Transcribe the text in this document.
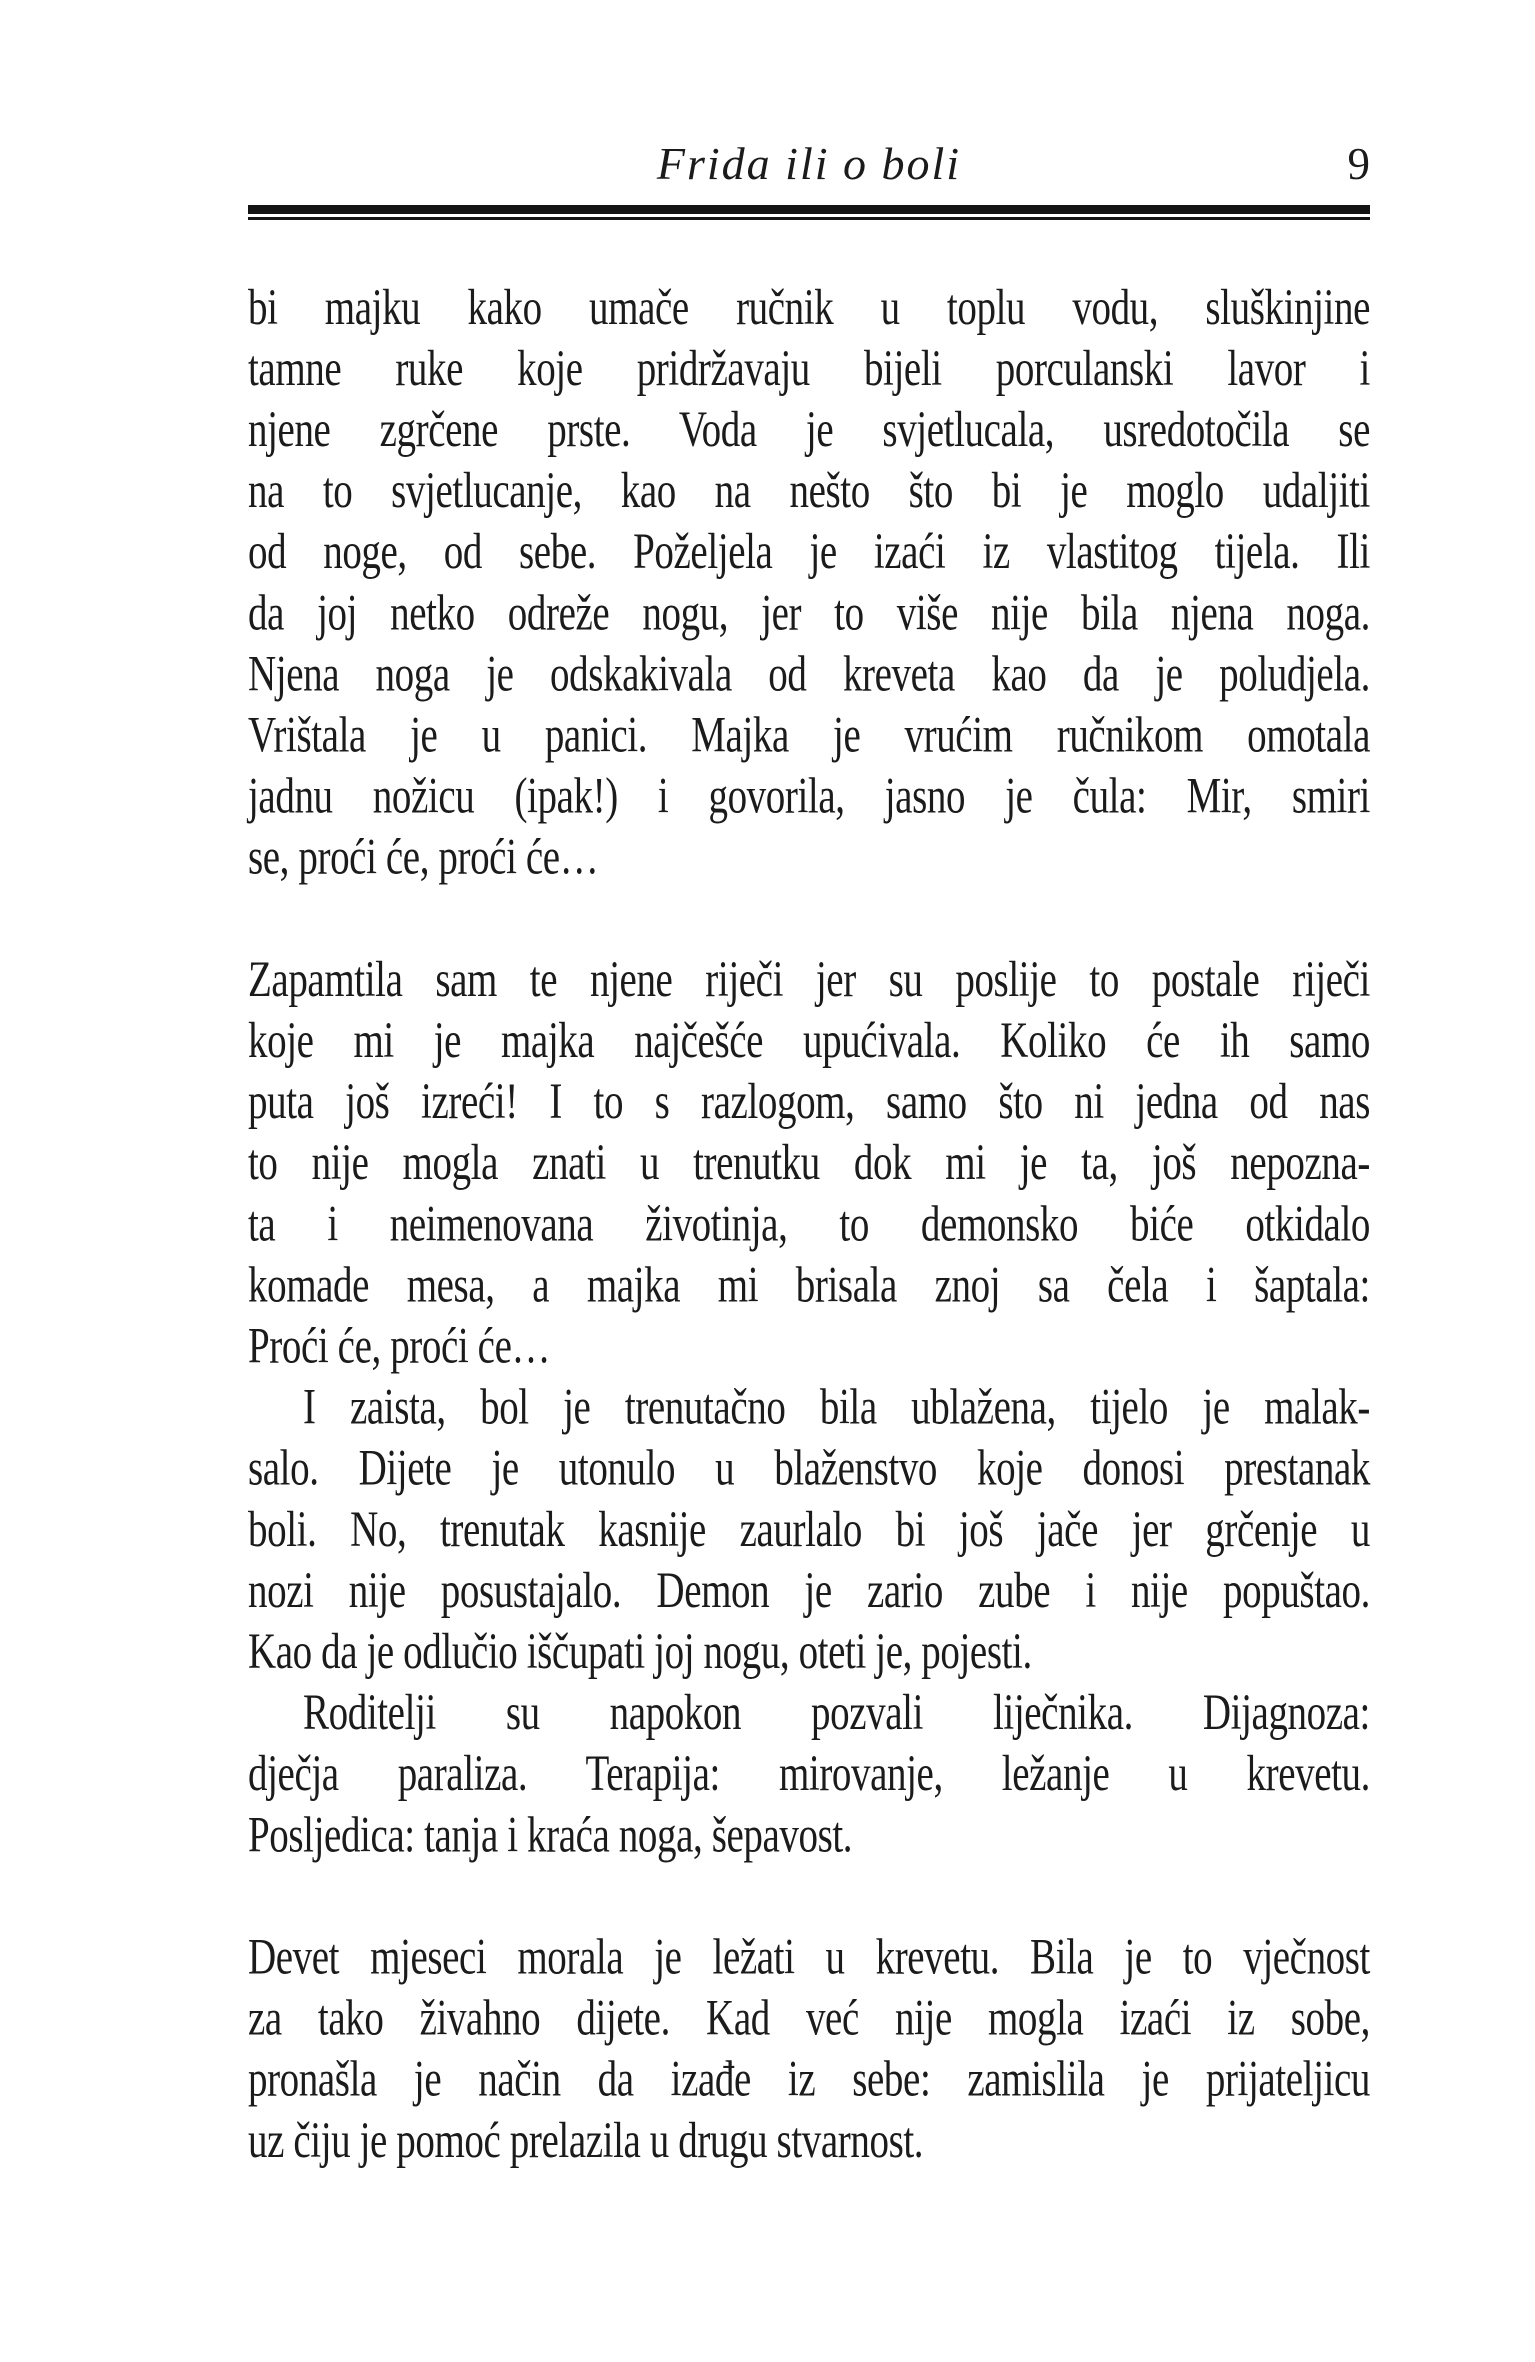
Frida ili o boli	9
bi majku kako umače ručnik u toplu vodu, sluškinjine
tamne ruke koje pridržavaju bijeli porculanski lavor i
njene zgrčene prste. Voda je svjetlucala, usredotočila se
na to svjetlucanje, kao na nešto što bi je moglo udaljiti
od noge, od sebe. Poželjela je izaći iz vlastitog tijela. Ili
da joj netko odreže nogu, jer to više nije bila njena noga.
Njena noga je odskakivala od kreveta kao da je poludjela.
Vrištala je u panici. Majka je vrućim ručnikom omotala
jadnu nožicu (ipak!) i govorila, jasno je čula: Mir, smiri
se, proći će, proći će…
Zapamtila sam te njene riječi jer su poslije to postale riječi
koje mi je majka najčešće upućivala. Koliko će ih samo
puta još izreći! I to s razlogom, samo što ni jedna od nas
to nije mogla znati u trenutku dok mi je ta, još nepozna-
ta i neimenovana životinja, to demonsko biće otkidalo
komade mesa, a majka mi brisala znoj sa čela i šaptala:
Proći će, proći će…
I zaista, bol je trenutačno bila ublažena, tijelo je malak-
salo. Dijete je utonulo u blaženstvo koje donosi prestanak
boli. No, trenutak kasnije zaurlalo bi još jače jer grčenje u
nozi nije posustajalo. Demon je zario zube i nije popuštao.
Kao da je odlučio iščupati joj nogu, oteti je, pojesti.
Roditelji su napokon pozvali liječnika. Dijagnoza:
dječja paraliza. Terapija: mirovanje, ležanje u krevetu.
Posljedica: tanja i kraća noga, šepavost.
Devet mjeseci morala je ležati u krevetu. Bila je to vječnost
za tako živahno dijete. Kad već nije mogla izaći iz sobe,
pronašla je način da izađe iz sebe: zamislila je prijateljicu
uz čiju je pomoć prelazila u drugu stvarnost.
